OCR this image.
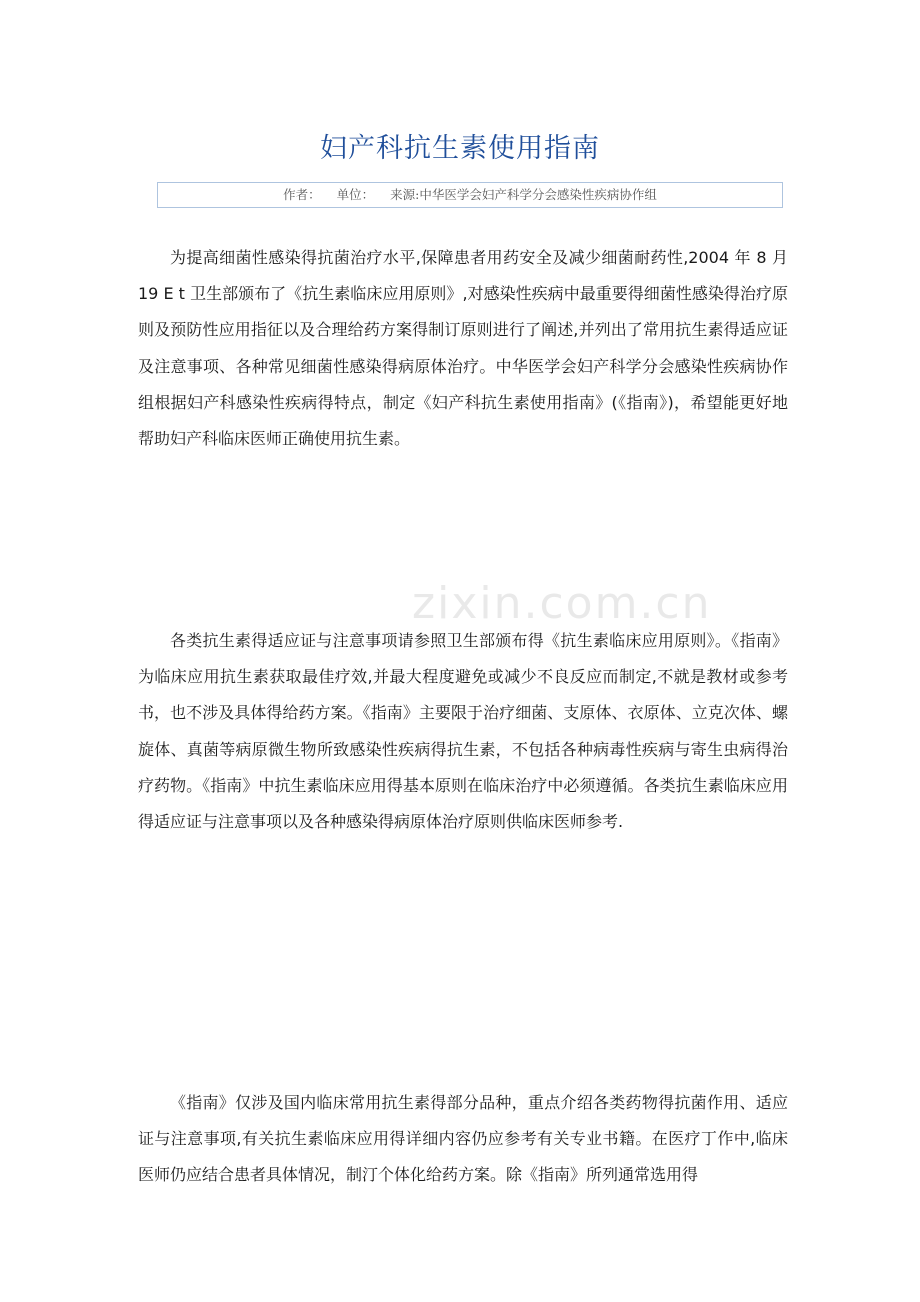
zixin.com.cn
妇产科抗生素使用指南
作者： 单位： 来源:中华医学会妇产科学分会感染性疾病协作组

为提高细菌性感染得抗菌治疗水平,保障患者用药安全及减少细菌耐药性,2004 年 8 月 19 E t 卫生部颁布了《抗生素临床应用原则》,对感染性疾病中最重要得细菌性感染得治疗原则及预防性应用指征以及合理给药方案得制订原则进行了阐述,并列出了常用抗生素得适应证及注意事项、各种常见细菌性感染得病原体治疗。中华医学会妇产科学分会感染性疾病协作组根据妇产科感染性疾病得特点，制定《妇产科抗生素使用指南》(《指南》)，希望能更好地帮助妇产科临床医师正确使用抗生素。

各类抗生素得适应证与注意事项请参照卫生部颁布得《抗生素临床应用原则》。《指南》为临床应用抗生素获取最佳疗效,并最大程度避免或减少不良反应而制定,不就是教材或参考书，也不涉及具体得给药方案。《指南》主要限于治疗细菌、支原体、衣原体、立克次体、螺旋体、真菌等病原微生物所致感染性疾病得抗生素，不包括各种病毒性疾病与寄生虫病得治疗药物。《指南》中抗生素临床应用得基本原则在临床治疗中必须遵循。各类抗生素临床应用得适应证与注意事项以及各种感染得病原体治疗原则供临床医师参考.

《指南》仅涉及国内临床常用抗生素得部分品种，重点介绍各类药物得抗菌作用、适应证与注意事项,有关抗生素临床应用得详细内容仍应参考有关专业书籍。在医疗丁作中,临床医师仍应结合患者具体情况，制汀个体化给药方案。除《指南》所列通常选用得
